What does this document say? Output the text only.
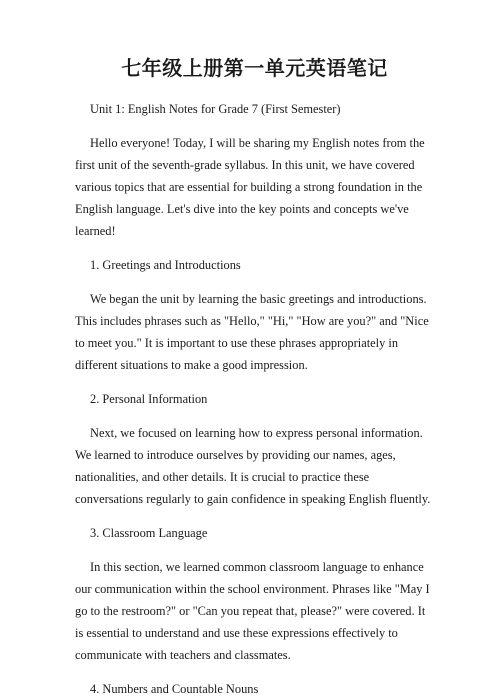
七年级上册第一单元英语笔记

Unit 1: English Notes for Grade 7 (First Semester)

Hello everyone! Today, I will be sharing my English notes from the first unit of the seventh-grade syllabus. In this unit, we have covered various topics that are essential for building a strong foundation in the English language. Let's dive into the key points and concepts we've learned!

1. Greetings and Introductions

We began the unit by learning the basic greetings and introductions. This includes phrases such as "Hello," "Hi," "How are you?" and "Nice to meet you." It is important to use these phrases appropriately in different situations to make a good impression.

2. Personal Information

Next, we focused on learning how to express personal information. We learned to introduce ourselves by providing our names, ages, nationalities, and other details. It is crucial to practice these conversations regularly to gain confidence in speaking English fluently.

3. Classroom Language

In this section, we learned common classroom language to enhance our communication within the school environment. Phrases like "May I go to the restroom?" or "Can you repeat that, please?" were covered. It is essential to understand and use these expressions effectively to communicate with teachers and classmates.

4. Numbers and Countable Nouns
